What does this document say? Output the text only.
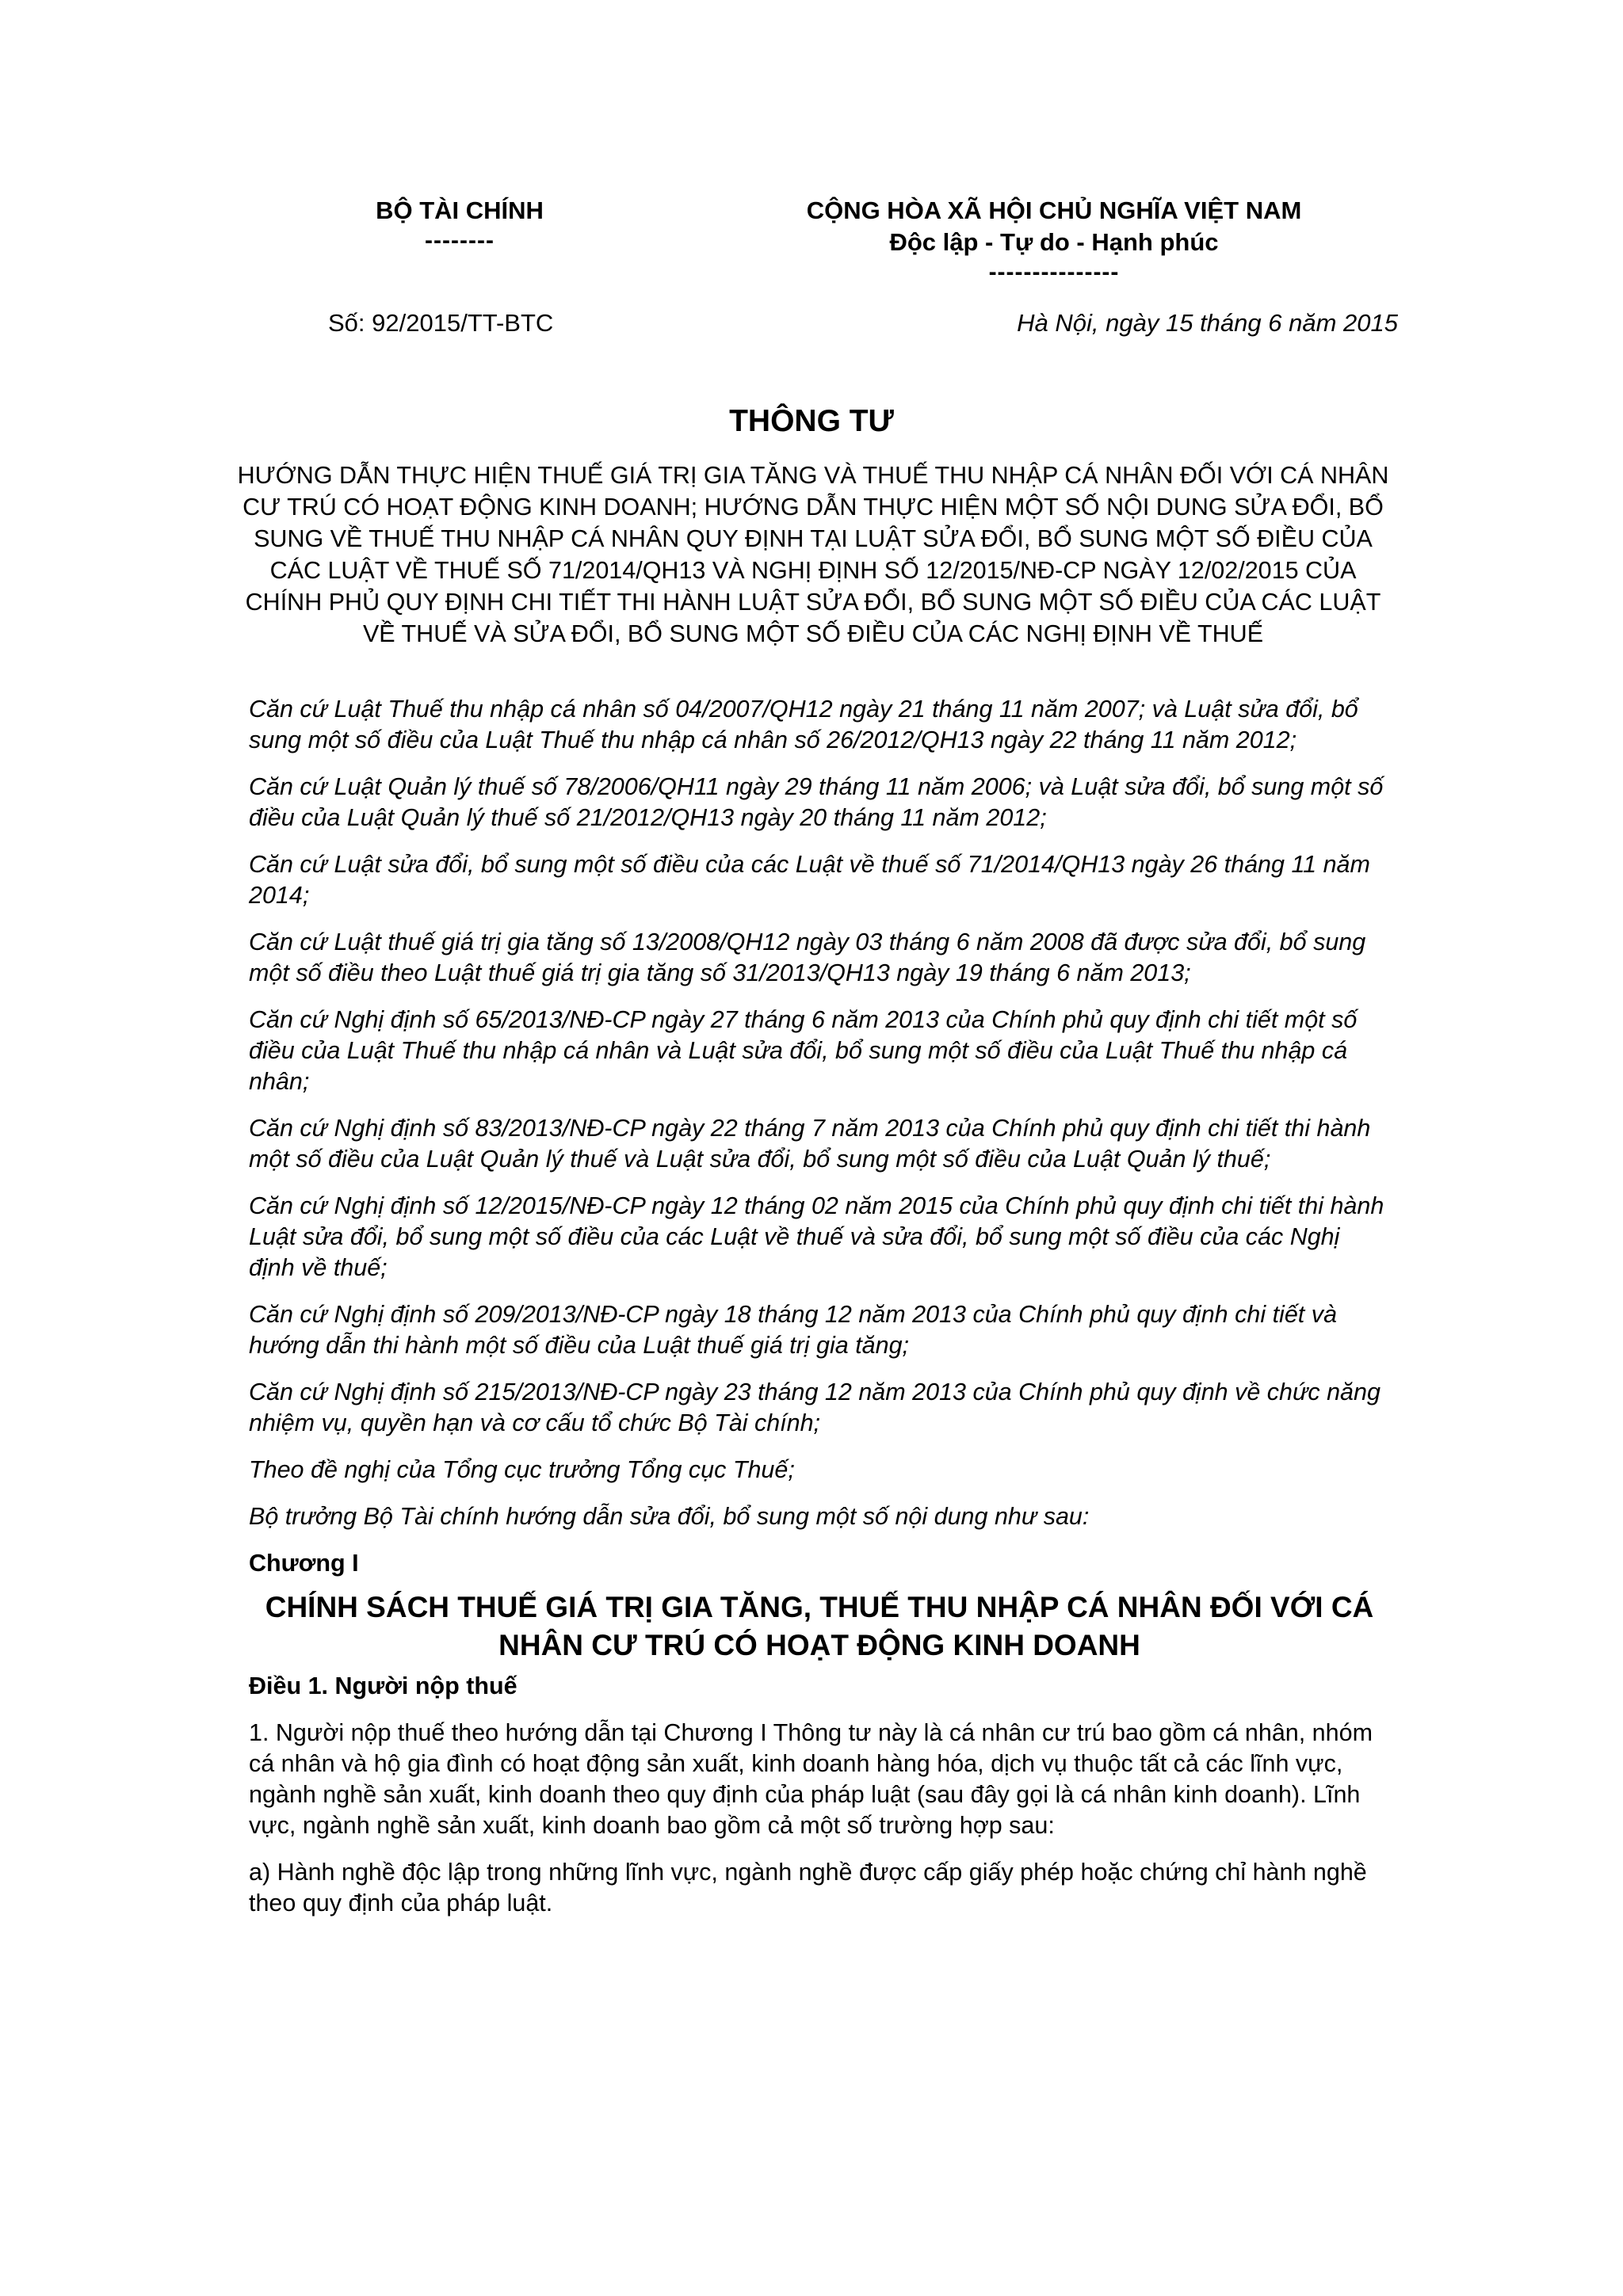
BỘ TÀI CHÍNH
--------
CỘNG HÒA XÃ HỘI CHỦ NGHĨA VIỆT NAM
Độc lập - Tự do - Hạnh phúc
---------------
Số: 92/2015/TT-BTC	Hà Nội, ngày 15 tháng 6 năm 2015
THÔNG TƯ
HƯỚNG DẪN THỰC HIỆN THUẾ GIÁ TRỊ GIA TĂNG VÀ THUẾ THU NHẬP CÁ NHÂN ĐỐI VỚI CÁ NHÂN CƯ TRÚ CÓ HOẠT ĐỘNG KINH DOANH; HƯỚNG DẪN THỰC HIỆN MỘT SỐ NỘI DUNG SỬA ĐỔI, BỔ SUNG VỀ THUẾ THU NHẬP CÁ NHÂN QUY ĐỊNH TẠI LUẬT SỬA ĐỔI, BỔ SUNG MỘT SỐ ĐIỀU CỦA CÁC LUẬT VỀ THUẾ SỐ 71/2014/QH13 VÀ NGHỊ ĐỊNH SỐ 12/2015/NĐ-CP NGÀY 12/02/2015 CỦA CHÍNH PHỦ QUY ĐỊNH CHI TIẾT THI HÀNH LUẬT SỬA ĐỔI, BỔ SUNG MỘT SỐ ĐIỀU CỦA CÁC LUẬT VỀ THUẾ VÀ SỬA ĐỔI, BỔ SUNG MỘT SỐ ĐIỀU CỦA CÁC NGHỊ ĐỊNH VỀ THUẾ

Căn cứ Luật Thuế thu nhập cá nhân số 04/2007/QH12 ngày 21 tháng 11 năm 2007; và Luật sửa đổi, bổ sung một số điều của Luật Thuế thu nhập cá nhân số 26/2012/QH13 ngày 22 tháng 11 năm 2012;

Căn cứ Luật Quản lý thuế số 78/2006/QH11 ngày 29 tháng 11 năm 2006; và Luật sửa đổi, bổ sung một số điều của Luật Quản lý thuế số 21/2012/QH13 ngày 20 tháng 11 năm 2012;

Căn cứ Luật sửa đổi, bổ sung một số điều của các Luật về thuế số 71/2014/QH13 ngày 26 tháng 11 năm 2014;

Căn cứ Luật thuế giá trị gia tăng số 13/2008/QH12 ngày 03 tháng 6 năm 2008 đã được sửa đổi, bổ sung một số điều theo Luật thuế giá trị gia tăng số 31/2013/QH13 ngày 19 tháng 6 năm 2013;

Căn cứ Nghị định số 65/2013/NĐ-CP ngày 27 tháng 6 năm 2013 của Chính phủ quy định chi tiết một số điều của Luật Thuế thu nhập cá nhân và Luật sửa đổi, bổ sung một số điều của Luật Thuế thu nhập cá nhân;

Căn cứ Nghị định số 83/2013/NĐ-CP ngày 22 tháng 7 năm 2013 của Chính phủ quy định chi tiết thi hành một số điều của Luật Quản lý thuế và Luật sửa đổi, bổ sung một số điều của Luật Quản lý thuế;

Căn cứ Nghị định số 12/2015/NĐ-CP ngày 12 tháng 02 năm 2015 của Chính phủ quy định chi tiết thi hành Luật sửa đổi, bổ sung một số điều của các Luật về thuế và sửa đổi, bổ sung một số điều của các Nghị định về thuế;

Căn cứ Nghị định số 209/2013/NĐ-CP ngày 18 tháng 12 năm 2013 của Chính phủ quy định chi tiết và hướng dẫn thi hành một số điều của Luật thuế giá trị gia tăng;

Căn cứ Nghị định số 215/2013/NĐ-CP ngày 23 tháng 12 năm 2013 của Chính phủ quy định về chức năng nhiệm vụ, quyền hạn và cơ cấu tổ chức Bộ Tài chính;

Theo đề nghị của Tổng cục trưởng Tổng cục Thuế;

Bộ trưởng Bộ Tài chính hướng dẫn sửa đổi, bổ sung một số nội dung như sau:

Chương I

CHÍNH SÁCH THUẾ GIÁ TRỊ GIA TĂNG, THUẾ THU NHẬP CÁ NHÂN ĐỐI VỚI CÁ NHÂN CƯ TRÚ CÓ HOẠT ĐỘNG KINH DOANH

Điều 1. Người nộp thuế

1. Người nộp thuế theo hướng dẫn tại Chương I Thông tư này là cá nhân cư trú bao gồm cá nhân, nhóm cá nhân và hộ gia đình có hoạt động sản xuất, kinh doanh hàng hóa, dịch vụ thuộc tất cả các lĩnh vực, ngành nghề sản xuất, kinh doanh theo quy định của pháp luật (sau đây gọi là cá nhân kinh doanh). Lĩnh vực, ngành nghề sản xuất, kinh doanh bao gồm cả một số trường hợp sau:

a) Hành nghề độc lập trong những lĩnh vực, ngành nghề được cấp giấy phép hoặc chứng chỉ hành nghề theo quy định của pháp luật.
